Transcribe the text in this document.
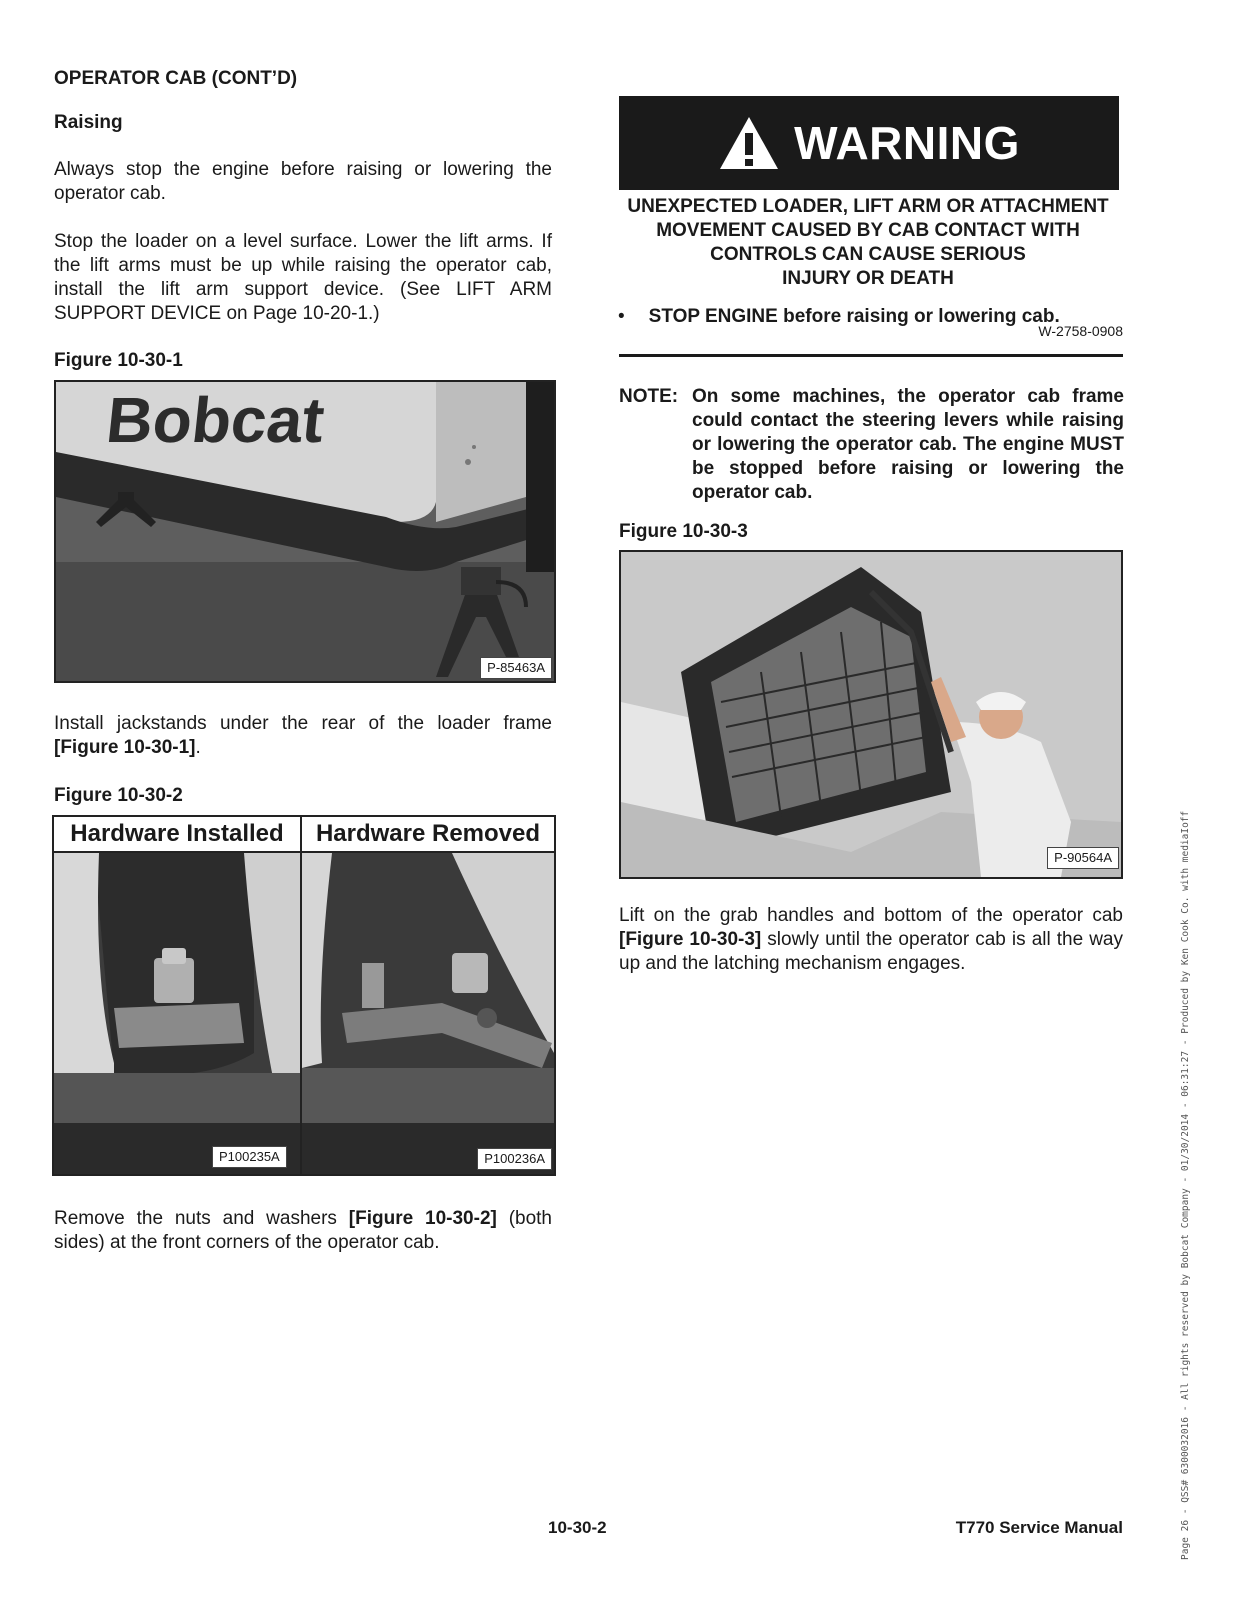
OPERATOR CAB (CONT’D)
Raising
Always stop the engine before raising or lowering the operator cab.
Stop the loader on a level surface. Lower the lift arms. If the lift arms must be up while raising the operator cab, install the lift arm support device. (See LIFT ARM SUPPORT DEVICE on Page 10-20-1.)
Figure 10-30-1
Bobcat
P-85463A
Install jackstands under the rear of the loader frame [Figure 10-30-1].
Figure 10-30-2
Hardware Installed	Hardware Removed
P100235A	P100236A
Remove the nuts and washers [Figure 10-30-2] (both sides) at the front corners of the operator cab.
WARNING
UNEXPECTED LOADER, LIFT ARM OR ATTACHMENT
MOVEMENT CAUSED BY CAB CONTACT WITH
CONTROLS CAN CAUSE SERIOUS
INJURY OR DEATH
• STOP ENGINE before raising or lowering cab.
W-2758-0908
NOTE: On some machines, the operator cab frame could contact the steering levers while raising or lowering the operator cab. The engine MUST be stopped before raising or lowering the operator cab.
Figure 10-30-3
P-90564A
Lift on the grab handles and bottom of the operator cab [Figure 10-30-3] slowly until the operator cab is all the way up and the latching mechanism engages.
10-30-2	T770 Service Manual	Page 26 - QSS# 6300032016 - All rights reserved by Bobcat Company - 01/30/2014 - 06:31:27 - Produced by Ken Cook Co. with mediaIoff
